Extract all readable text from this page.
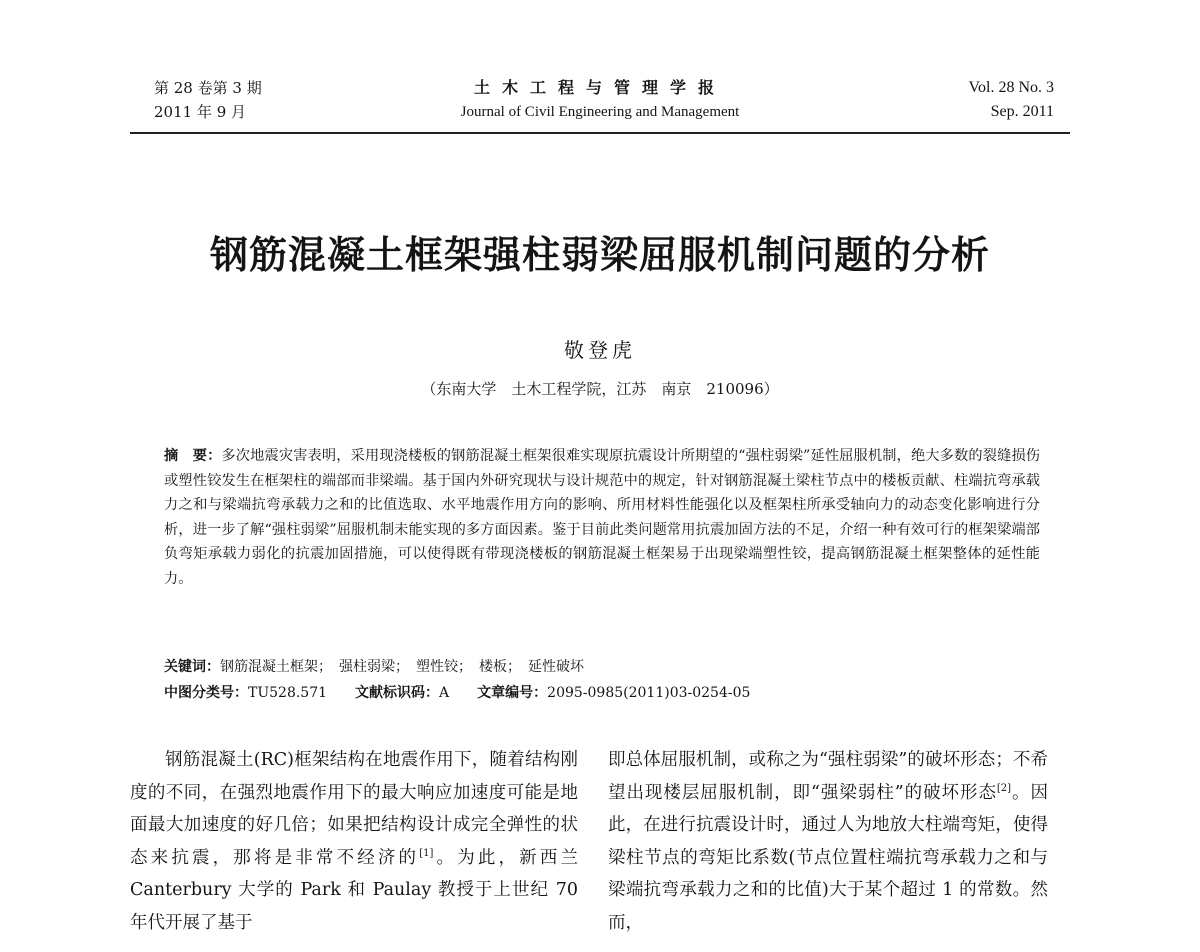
第 28 卷第 3 期
2011 年 9 月
土木工程与管理学报
Journal of Civil Engineering and Management
Vol. 28 No. 3
Sep. 2011
钢筋混凝土框架强柱弱梁屈服机制问题的分析
敬登虎
（东南大学　土木工程学院，江苏　南京　210096）
摘　要：多次地震灾害表明，采用现浇楼板的钢筋混凝土框架很难实现原抗震设计所期望的“强柱弱梁”延性屈服机制，绝大多数的裂缝损伤或塑性铰发生在框架柱的端部而非梁端。基于国内外研究现状与设计规范中的规定，针对钢筋混凝土梁柱节点中的楼板贡献、柱端抗弯承载力之和与梁端抗弯承载力之和的比值选取、水平地震作用方向的影响、所用材料性能强化以及框架柱所承受轴向力的动态变化影响进行分析，进一步了解“强柱弱梁”屈服机制未能实现的多方面因素。鉴于目前此类问题常用抗震加固方法的不足，介绍一种有效可行的框架梁端部负弯矩承载力弱化的抗震加固措施，可以使得既有带现浇楼板的钢筋混凝土框架易于出现梁端塑性铰，提高钢筋混凝土框架整体的延性能力。
关键词：钢筋混凝土框架；　强柱弱梁；　塑性铰；　楼板；　延性破坏
中图分类号：TU528.571 文献标识码：A 文章编号：2095-0985(2011)03-0254-05
钢筋混凝土(RC)框架结构在地震作用下，随着结构刚度的不同，在强烈地震作用下的最大响应加速度可能是地面最大加速度的好几倍；如果把结构设计成完全弹性的状态来抗震，那将是非常不经济的[1]。为此，新西兰 Canterbury 大学的 Park 和 Paulay 教授于上世纪 70 年代开展了基于
即总体屈服机制，或称之为“强柱弱梁”的破坏形态；不希望出现楼层屈服机制，即“强梁弱柱”的破坏形态[2]。因此，在进行抗震设计时，通过人为地放大柱端弯矩，使得梁柱节点的弯矩比系数(节点位置柱端抗弯承载力之和与梁端抗弯承载力之和的比值)大于某个超过 1 的常数。然而，
